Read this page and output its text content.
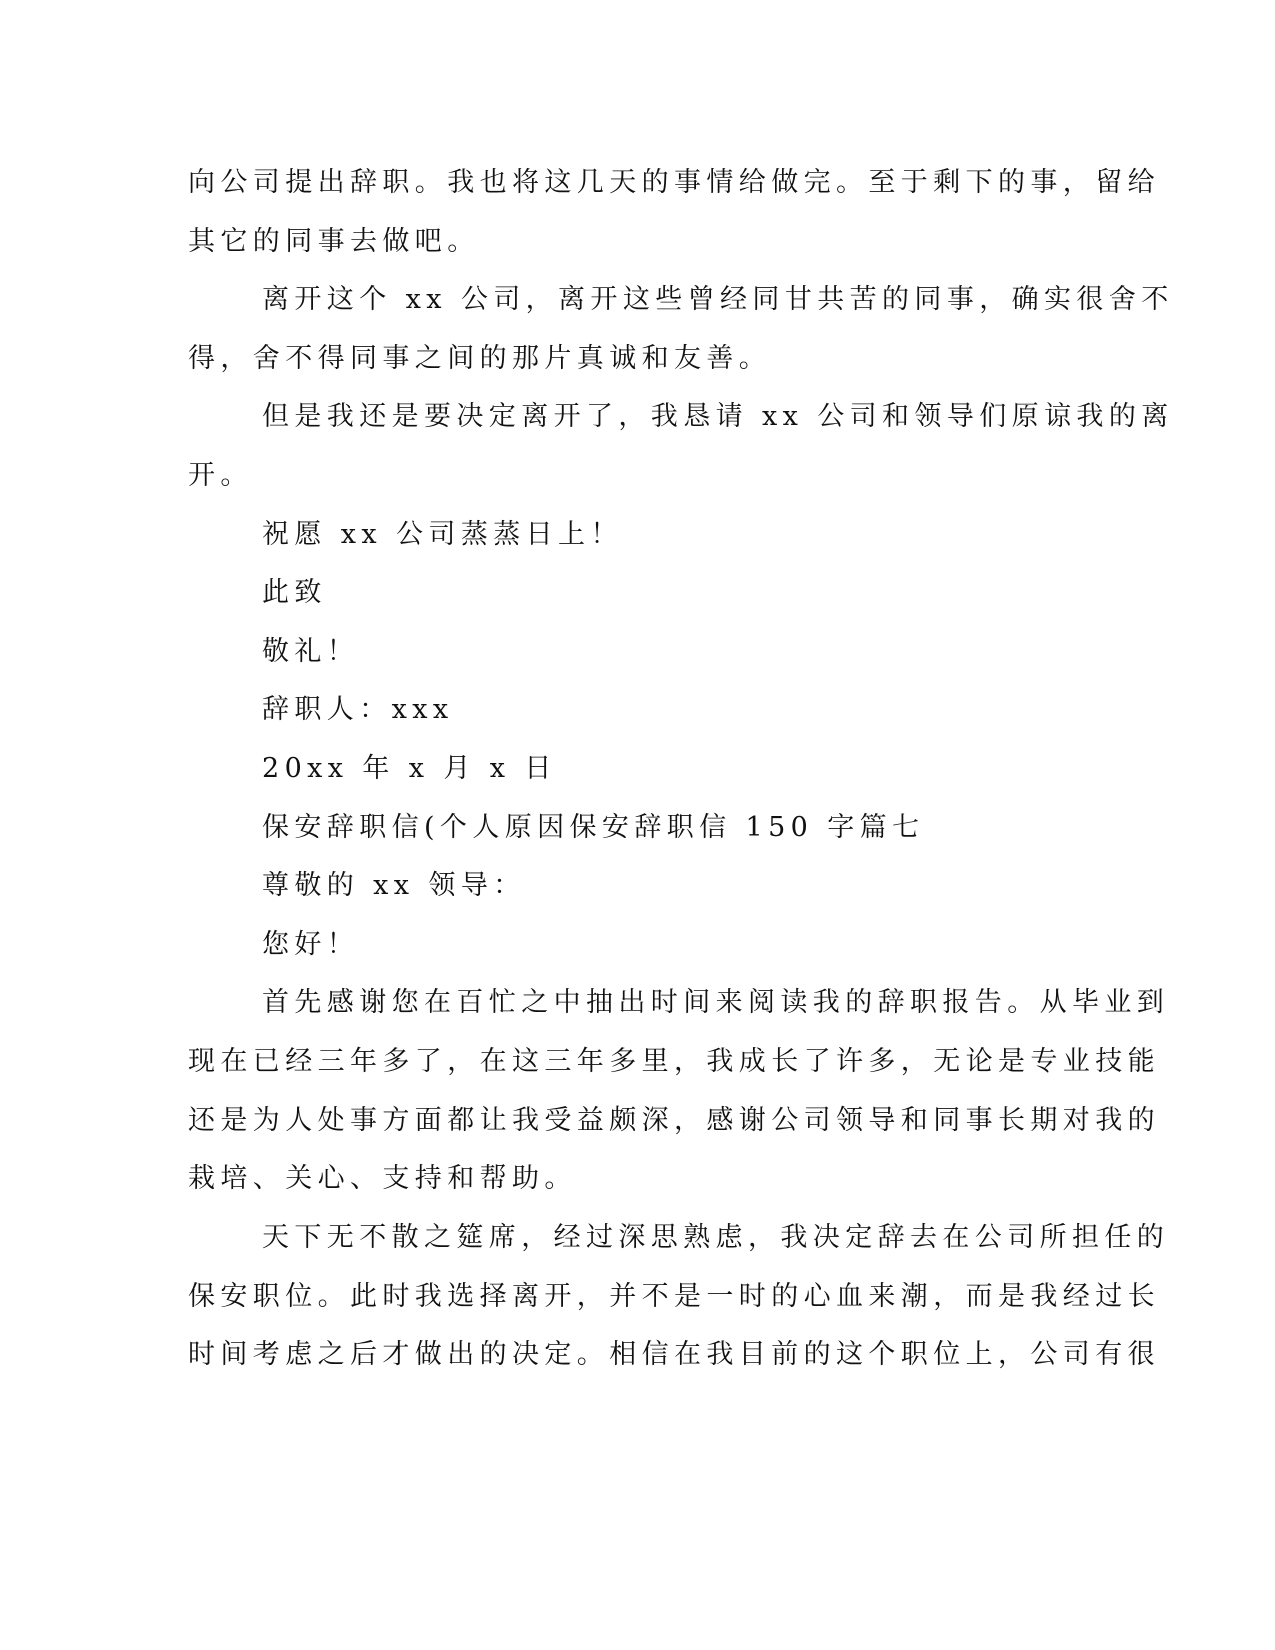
向公司提出辞职。我也将这几天的事情给做完。至于剩下的事，留给
其它的同事去做吧。
离开这个 xx 公司，离开这些曾经同甘共苦的同事，确实很舍不
得，舍不得同事之间的那片真诚和友善。
但是我还是要决定离开了，我恳请 xx 公司和领导们原谅我的离
开。
祝愿 xx 公司蒸蒸日上！
此致
敬礼！
辞职人：xxx
20xx 年 x 月 x 日
保安辞职信(个人原因保安辞职信 150 字篇七
尊敬的 xx 领导：
您好！
首先感谢您在百忙之中抽出时间来阅读我的辞职报告。从毕业到
现在已经三年多了，在这三年多里，我成长了许多，无论是专业技能
还是为人处事方面都让我受益颇深，感谢公司领导和同事长期对我的
栽培、关心、支持和帮助。
天下无不散之筵席，经过深思熟虑，我决定辞去在公司所担任的
保安职位。此时我选择离开，并不是一时的心血来潮，而是我经过长
时间考虑之后才做出的决定。相信在我目前的这个职位上，公司有很
